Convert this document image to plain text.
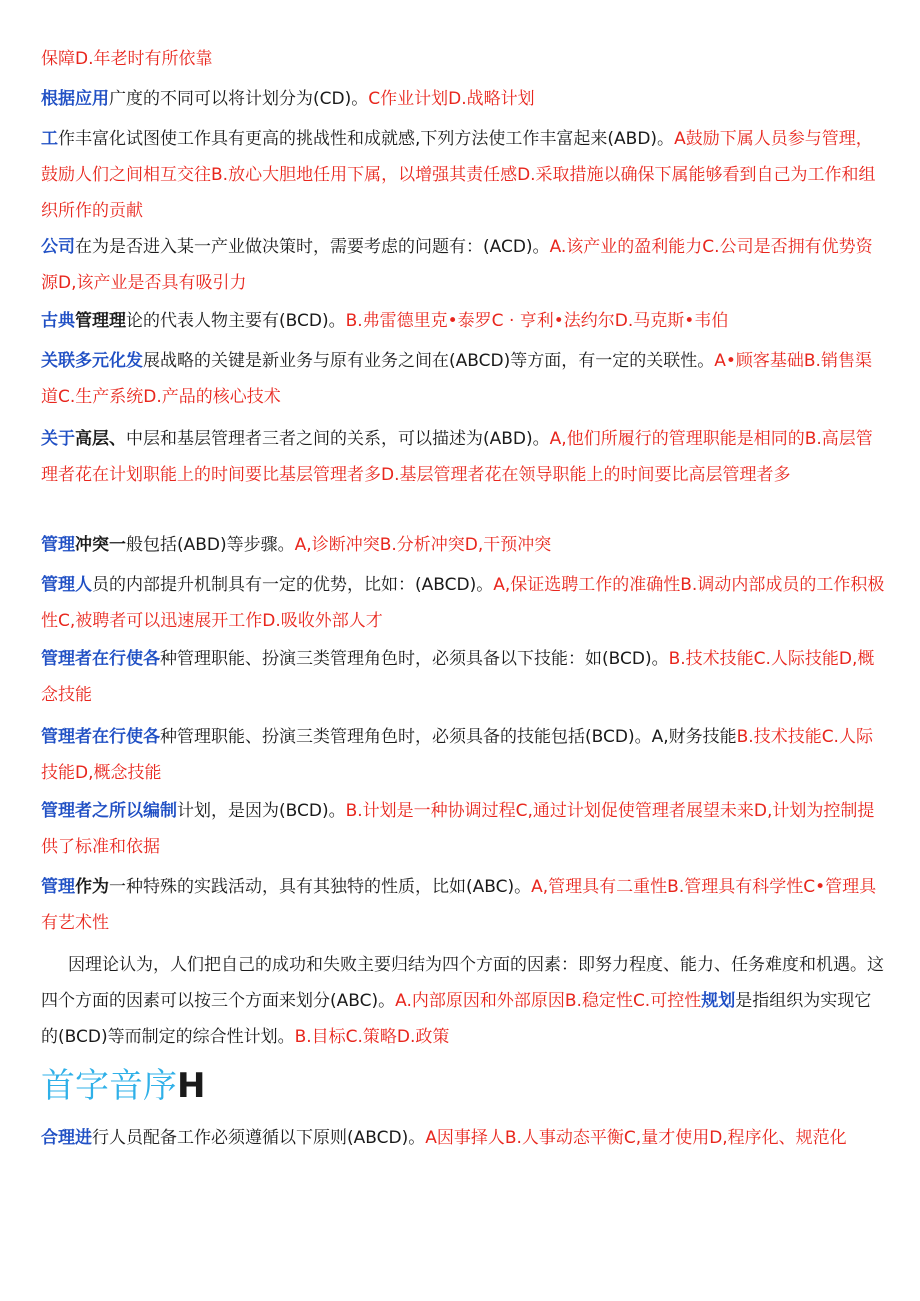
保障D.年老时有所依靠

根据应用广度的不同可以将计划分为(CD)。C作业计划D.战略计划

工作丰富化试图使工作具有更高的挑战性和成就感,下列方法使工作丰富起来(ABD)。A鼓励下属人员参与管理，鼓励人们之间相互交往B.放心大胆地任用下属，以增强其责任感D.采取措施以确保下属能够看到自己为工作和组织所作的贡献

公司在为是否进入某一产业做决策时，需要考虑的问题有：(ACD)。A.该产业的盈利能力C.公司是否拥有优势资源D,该产业是否具有吸引力

古典管理理论的代表人物主要有(BCD)。B.弗雷德里克•泰罗C · 亨利•法约尔D.马克斯•韦伯

关联多元化发展战略的关键是新业务与原有业务之间在(ABCD)等方面，有一定的关联性。A•顾客基础B.销售渠道C.生产系统D.产品的核心技术

关于高层、中层和基层管理者三者之间的关系，可以描述为(ABD)。A,他们所履行的管理职能是相同的B.高层管理者花在计划职能上的时间要比基层管理者多D.基层管理者花在领导职能上的时间要比高层管理者多

管理冲突一般包括(ABD)等步骤。A,诊断冲突B.分析冲突D,干预冲突

管理人员的内部提升机制具有一定的优势，比如：(ABCD)。A,保证选聘工作的准确性B.调动内部成员的工作积极性C,被聘者可以迅速展开工作D.吸收外部人才

管理者在行使各种管理职能、扮演三类管理角色时，必须具备以下技能：如(BCD)。B.技术技能C.人际技能D,概念技能

管理者在行使各种管理职能、扮演三类管理角色时，必须具备的技能包括(BCD)。A,财务技能B.技术技能C.人际技能D,概念技能

管理者之所以编制计划，是因为(BCD)。B.计划是一种协调过程C,通过计划促使管理者展望未来D,计划为控制提供了标准和依据

管理作为一种特殊的实践活动，具有其独特的性质，比如(ABC)。A,管理具有二重性B.管理具有科学性C•管理具有艺术性

因理论认为，人们把自己的成功和失败主要归结为四个方面的因素：即努力程度、能力、任务难度和机遇。这四个方面的因素可以按三个方面来划分(ABC)。A.内部原因和外部原因B.稳定性C.可控性规划是指组织为实现它的(BCD)等而制定的综合性计划。B.目标C.策略D.政策

首字音序H

合理进行人员配备工作必须遵循以下原则(ABCD)。A因事择人B.人事动态平衡C,量才使用D,程序化、规范化
